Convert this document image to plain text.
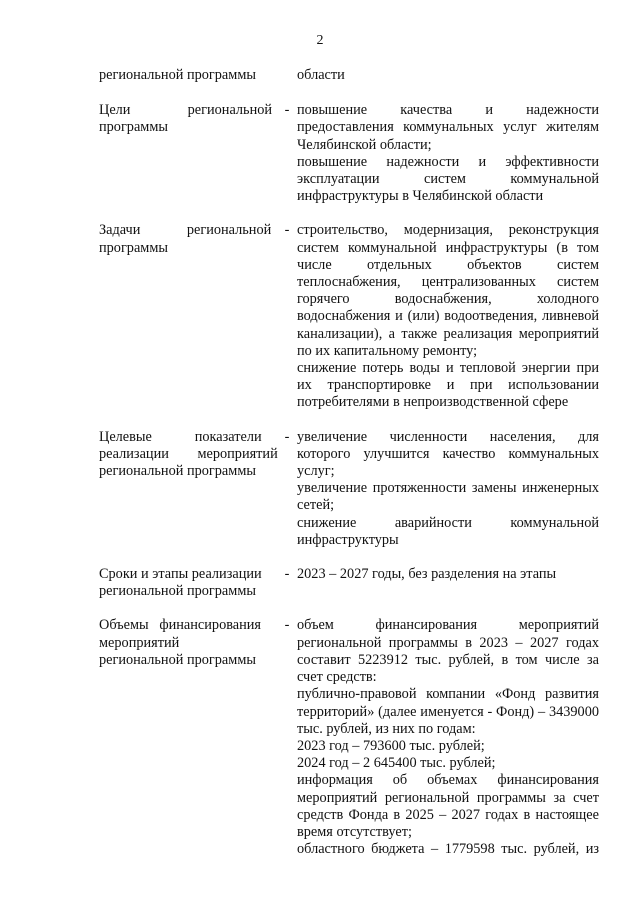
2
региональной программы	области

Цели                региональной
программы
- повышение качества и надежности предоставления коммунальных услуг жителям Челябинской области;

повышение надежности и эффективности эксплуатации систем коммунальной инфраструктуры в Челябинской области

Задачи             региональной
программы
- строительство, модернизация, реконструкция систем коммунальной инфраструктуры (в том числе отдельных объектов систем теплоснабжения, централизованных систем горячего водоснабжения, холодного водоснабжения и (или) водоотведения, ливневой канализации), а также реализация мероприятий по их капитальному ремонту;

снижение потерь воды и тепловой энергии при их транспортировке и при использовании потребителями в непроизводственной сфере

Целевые            показатели
реализации        мероприятий
региональной программы
- увеличение численности населения, для которого улучшится качество коммунальных услуг;

увеличение протяженности замены инженерных сетей;

снижение аварийности коммунальной инфраструктуры

Сроки и этапы реализации
региональной программы
- 2023 – 2027 годы, без разделения на этапы

Объемы   финансирования
мероприятий
региональной программы
- объем финансирования мероприятий региональной программы в 2023 – 2027 годах составит 5223912 тыс. рублей, в том числе за счет средств:

публично-правовой компании «Фонд развития территорий» (далее именуется - Фонд) – 3439000 тыс. рублей, из них по годам:

2023 год – 793600 тыс. рублей;

2024 год – 2 645400 тыс. рублей;

информация об объемах финансирования мероприятий региональной программы за счет средств Фонда в 2025 – 2027 годах в настоящее время отсутствует;

областного бюджета – 1779598 тыс. рублей, из
